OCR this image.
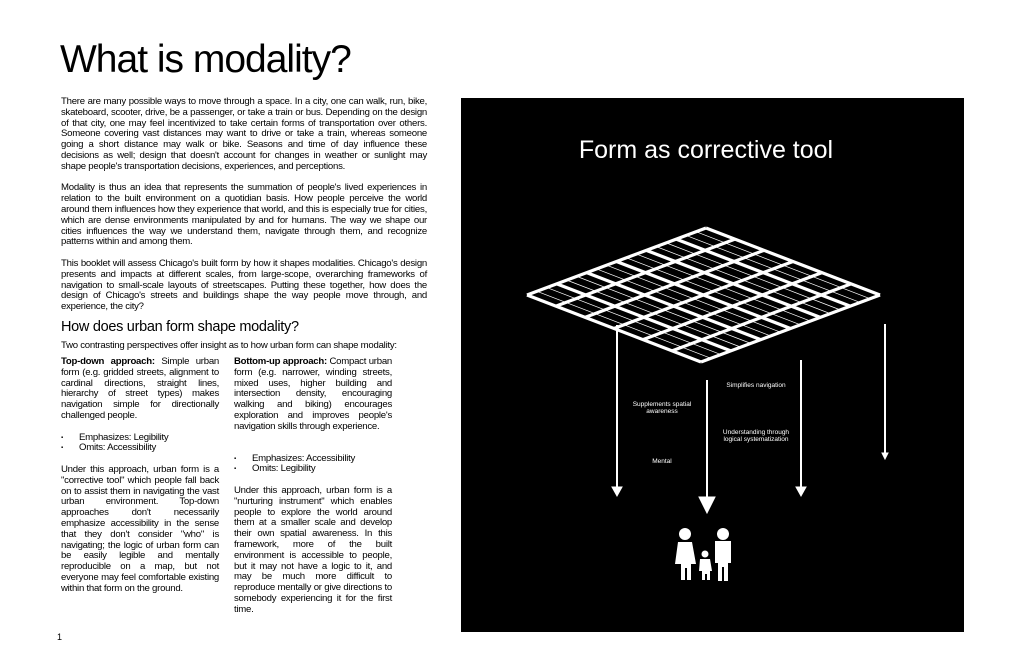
What is modality?

There are many possible ways to move through a space. In a city, one can walk, run, bike, skateboard, scooter, drive, be a passenger, or take a train or bus. Depending on the design of that city, one may feel incentivized to take certain forms of transportation over others. Someone covering vast distances may want to drive or take a train, whereas someone going a short distance may walk or bike. Seasons and time of day influence these decisions as well; design that doesn't account for changes in weather or sunlight may shape people's transportation decisions, experiences, and perceptions.

Modality is thus an idea that represents the summation of people's lived experiences in relation to the built environment on a quotidian basis. How people perceive the world around them influences how they experience that world, and this is especially true for cities, which are dense environments manipulated by and for humans. The way we shape our cities influences the way we understand them, navigate through them, and recognize patterns within and among them.

This booklet will assess Chicago's built form by how it shapes modalities. Chicago's design presents and impacts at different scales, from large-scope, overarching frameworks of navigation to small-scale layouts of streetscapes. Putting these together, how does the design of Chicago's streets and buildings shape the way people move through, and experience, the city?

How does urban form shape modality?

Two contrasting perspectives offer insight as to how urban form can shape modality:

Top-down approach: Simple urban form (e.g. gridded streets, alignment to cardinal directions, straight lines, hierarchy of street types) makes navigation simple for directionally challenged people.

▪ Emphasizes: Legibility
▪ Omits: Accessibility

Under this approach, urban form is a "corrective tool" which people fall back on to assist them in navigating the vast urban environment. Top-down approaches don't necessarily emphasize accessibility in the sense that they don't consider "who" is navigating; the logic of urban form can be easily legible and mentally reproducible on a map, but not everyone may feel comfortable existing within that form on the ground.

Bottom-up approach: Compact urban form (e.g. narrower, winding streets, mixed uses, higher building and intersection density, encouraging walking and biking) encourages exploration and improves people's navigation skills through experience.

▪ Emphasizes: Accessibility
▪ Omits: Legibility

Under this approach, urban form is a "nurturing instrument" which enables people to explore the world around them at a smaller scale and develop their own spatial awareness. In this framework, more of the built environment is accessible to people, but it may not have a logic to it, and may be much more difficult to reproduce mentally or give directions to somebody experiencing it for the first time.

1
Form as corrective tool
Supplements spatial awareness
Mental
Simplifies navigation
Understanding through logical systematization
